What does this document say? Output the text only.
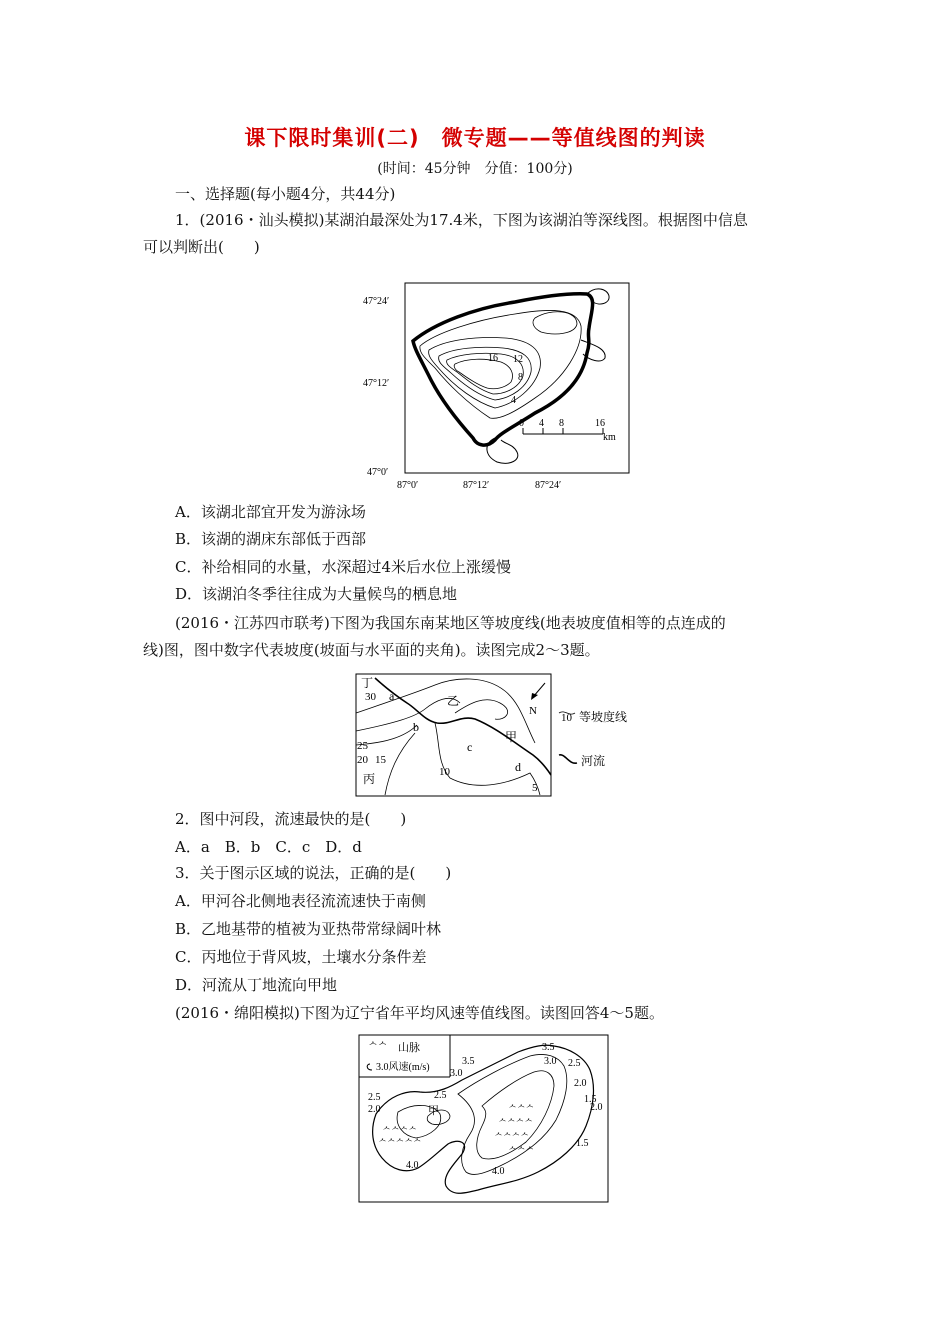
课下限时集训(二)　微专题——等值线图的判读
(时间：45分钟　分值：100分)
一、选择题(每小题4分，共44分)
1．(2016・汕头模拟)某湖泊最深处为17.4米，下图为该湖泊等深线图。根据图中信息
可以判断出(　　)
47°24′
47°12′
47°0′
87°0′	87°12′	87°24′
16 12
8
4
0 4 8	16
km
A．该湖北部宜开发为游泳场
B．该湖的湖床东部低于西部
C．补给相同的水量，水深超过4米后水位上涨缓慢
D．该湖泊冬季往往成为大量候鸟的栖息地
(2016・江苏四市联考)下图为我国东南某地区等坡度线(地表坡度值相等的点连成的
线)图，图中数字代表坡度(坡面与水平面的夹角)。读图完成2～3题。
N
丁
30 a	乙
b
甲
c
d
25
20 15
丙	10
5
10 等坡度线
河流
2．图中河段，流速最快的是(　　)
A．a　B．b　C．c　D．d
3．关于图示区域的说法，正确的是(　　)
A．甲河谷北侧地表径流流速快于南侧
B．乙地基带的植被为亚热带常绿阔叶林
C．丙地位于背风坡，土壤水分条件差
D．河流从丁地流向甲地
(2016・绵阳模拟)下图为辽宁省年平均风速等值线图。读图回答4～5题。
ᄉᄉ 山脉
3.0风速(m/s)
ᄉᄉᄉᄉ
ᄉᄉᄉᄉᄉ
ᄉᄉᄉ
ᄉᄉᄉᄉ
ᄉᄉᄉᄉ
ᄉᄉᄉ
3.5
3.5
3.0
3.0
2.5
2.5
2.5
2.0
2.0
2.0
1.5
1.5
4.0
4.0
甲
